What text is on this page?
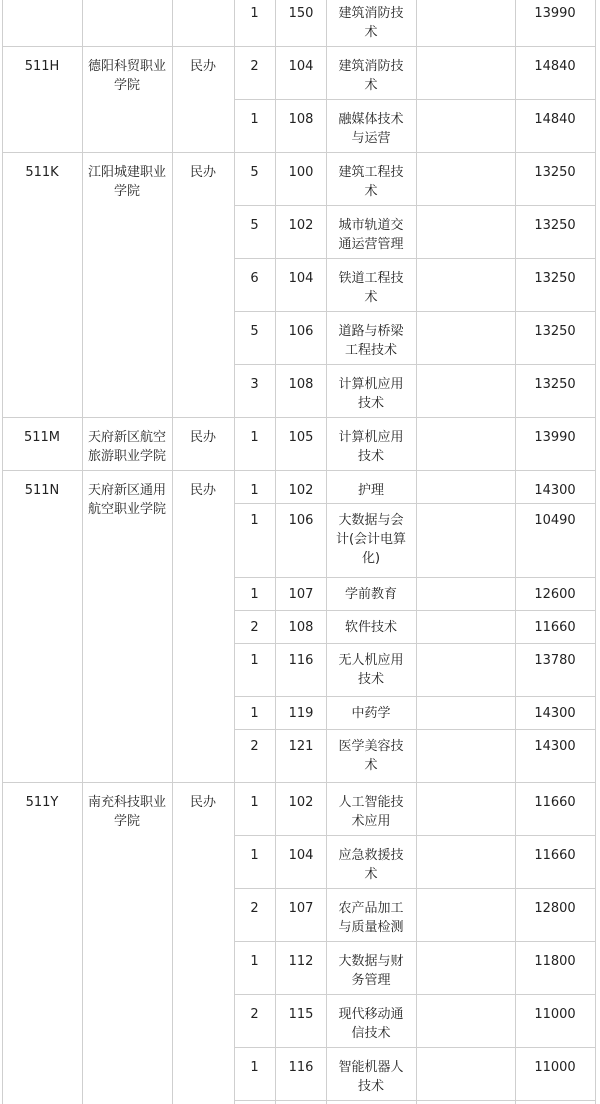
1	150	建筑消防技
术
13990
511H	德阳科贸职业
学院
民办	2	104	建筑消防技
术
14840
1	108	融媒体技术
与运营
14840
511K	江阳城建职业
学院
民办	5	100	建筑工程技
术
13250
5	102	城市轨道交
通运营管理
13250
6	104	铁道工程技
术
13250
5	106	道路与桥梁
工程技术
13250
3	108	计算机应用
技术
13250
511M	天府新区航空
旅游职业学院
民办	1	105	计算机应用
技术
13990
511N	天府新区通用
航空职业学院
民办	1	102	护理	14300
1	106	大数据与会
计(会计电算
化)
10490
1	107	学前教育	12600
2	108	软件技术	11660
1	116	无人机应用
技术
13780
1	119	中药学	14300
2	121	医学美容技
术
14300
511Y	南充科技职业
学院
民办	1	102	人工智能技
术应用
11660
1	104	应急救援技
术
11660
2	107	农产品加工
与质量检测
12800
1	112	大数据与财
务管理
11800
2	115	现代移动通
信技术
11000
1	116	智能机器人
技术
11000
